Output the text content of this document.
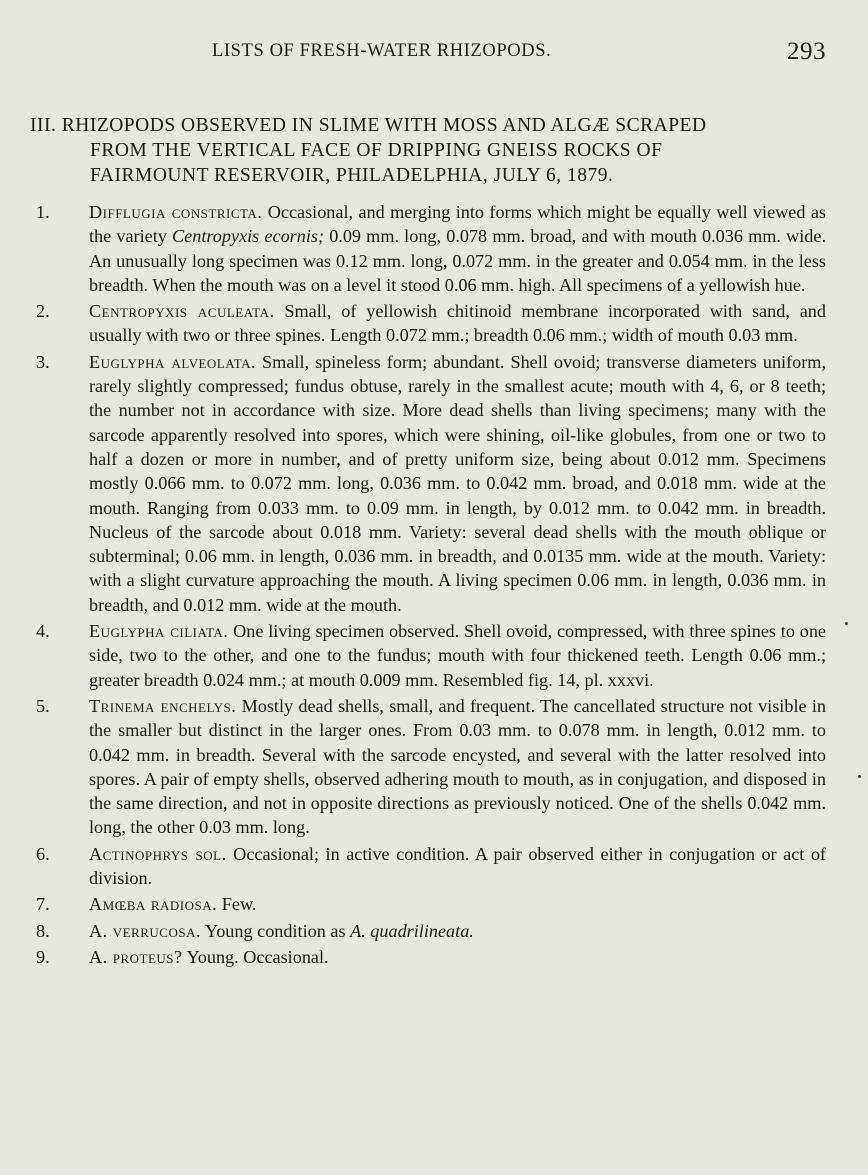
LISTS OF FRESH-WATER RHIZOPODS.	293
III. RHIZOPODS OBSERVED IN SLIME WITH MOSS AND ALGÆ SCRAPED
FROM THE VERTICAL FACE OF DRIPPING GNEISS ROCKS OF
FAIRMOUNT RESERVOIR, PHILADELPHIA, JULY 6, 1879.
1. Difflugia constricta. Occasional, and merging into forms which might be equally well viewed as the variety Centropyxis ecornis; 0.09 mm. long, 0.078 mm. broad, and with mouth 0.036 mm. wide. An unusually long specimen was 0.12 mm. long, 0.072 mm. in the greater and 0.054 mm. in the less breadth. When the mouth was on a level it stood 0.06 mm. high. All specimens of a yellowish hue.
2. Centropyxis aculeata. Small, of yellowish chitinoid membrane incorporated with sand, and usually with two or three spines. Length 0.072 mm.; breadth 0.06 mm.; width of mouth 0.03 mm.
3. Euglypha alveolata. Small, spineless form; abundant. Shell ovoid; transverse diameters uniform, rarely slightly compressed; fundus obtuse, rarely in the smallest acute; mouth with 4, 6, or 8 teeth; the number not in accordance with size. More dead shells than living specimens; many with the sarcode apparently resolved into spores, which were shining, oil-like globules, from one or two to half a dozen or more in number, and of pretty uniform size, being about 0.012 mm. Specimens mostly 0.066 mm. to 0.072 mm. long, 0.036 mm. to 0.042 mm. broad, and 0.018 mm. wide at the mouth. Ranging from 0.033 mm. to 0.09 mm. in length, by 0.012 mm. to 0.042 mm. in breadth. Nucleus of the sarcode about 0.018 mm. Variety: several dead shells with the mouth oblique or subterminal; 0.06 mm. in length, 0.036 mm. in breadth, and 0.0135 mm. wide at the mouth. Variety: with a slight curvature approaching the mouth. A living specimen 0.06 mm. in length, 0.036 mm. in breadth, and 0.012 mm. wide at the mouth.
4. Euglypha ciliata. One living specimen observed. Shell ovoid, compressed, with three spines to one side, two to the other, and one to the fundus; mouth with four thickened teeth. Length 0.06 mm.; greater breadth 0.024 mm.; at mouth 0.009 mm. Resembled fig. 14, pl. xxxvi.
5. Trinema enchelys. Mostly dead shells, small, and frequent. The cancellated structure not visible in the smaller but distinct in the larger ones. From 0.03 mm. to 0.078 mm. in length, 0.012 mm. to 0.042 mm. in breadth. Several with the sarcode encysted, and several with the latter resolved into spores. A pair of empty shells, observed adhering mouth to mouth, as in conjugation, and disposed in the same direction, and not in opposite directions as previously noticed. One of the shells 0.042 mm. long, the other 0.03 mm. long.
6. Actinophrys sol. Occasional; in active condition. A pair observed either in conjugation or act of division.
7. Amœba radiosa. Few.
8. A. verrucosa. Young condition as A. quadrilineata.
9. A. proteus? Young. Occasional.
